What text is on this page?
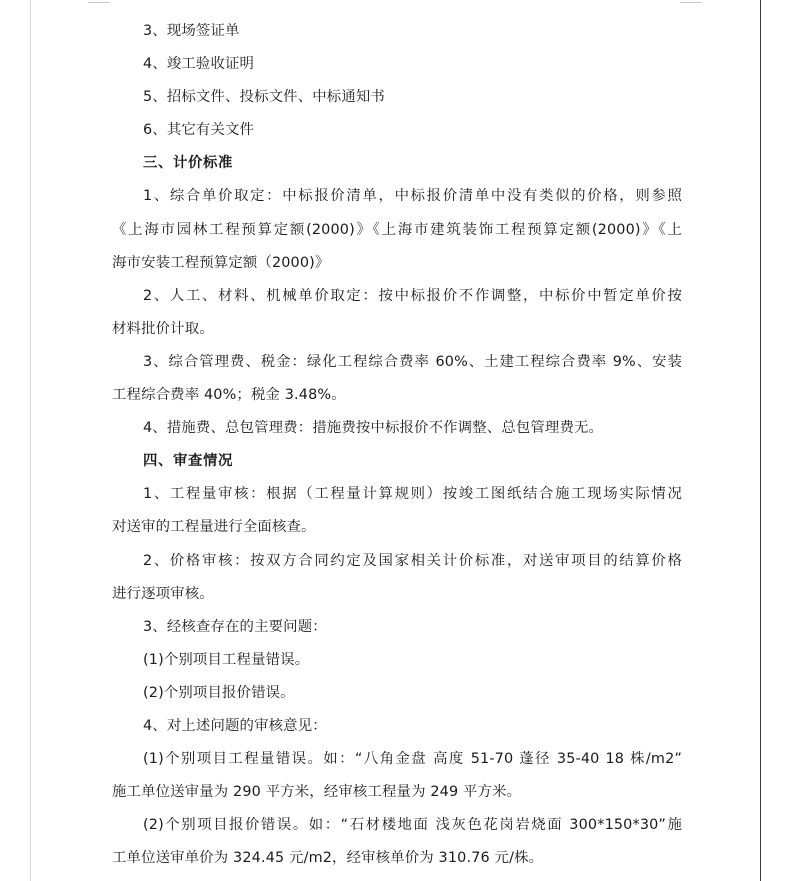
3、现场签证单
4、竣工验收证明
5、招标文件、投标文件、中标通知书
6、其它有关文件
三、计价标准
1、综合单价取定：中标报价清单，中标报价清单中没有类似的价格，则参照
《上海市园林工程预算定额(2000)》《上海市建筑装饰工程预算定额(2000)》《上
海市安装工程预算定额（2000)》
2、人工、材料、机械单价取定：按中标报价不作调整，中标价中暂定单价按
材料批价计取。
3、综合管理费、税金：绿化工程综合费率 60%、土建工程综合费率 9%、安装
工程综合费率 40%；税金 3.48%。
4、措施费、总包管理费：措施费按中标报价不作调整、总包管理费无。
四、审查情况
1、工程量审核：根据（工程量计算规则）按竣工图纸结合施工现场实际情况
对送审的工程量进行全面核查。
2、价格审核：按双方合同约定及国家相关计价标准，对送审项目的结算价格
进行逐项审核。
3、经核查存在的主要问题：
(1)个别项目工程量错误。
(2)个别项目报价错误。
4、对上述问题的审核意见：
(1)个别项目工程量错误。如：“八角金盘 高度 51-70 蓬径 35-40 18 株/m2”
施工单位送审量为 290 平方米，经审核工程量为 249 平方米。
(2)个别项目报价错误。如：“石材楼地面 浅灰色花岗岩烧面 300*150*30”施
工单位送审单价为 324.45 元/m2，经审核单价为 310.76 元/株。
